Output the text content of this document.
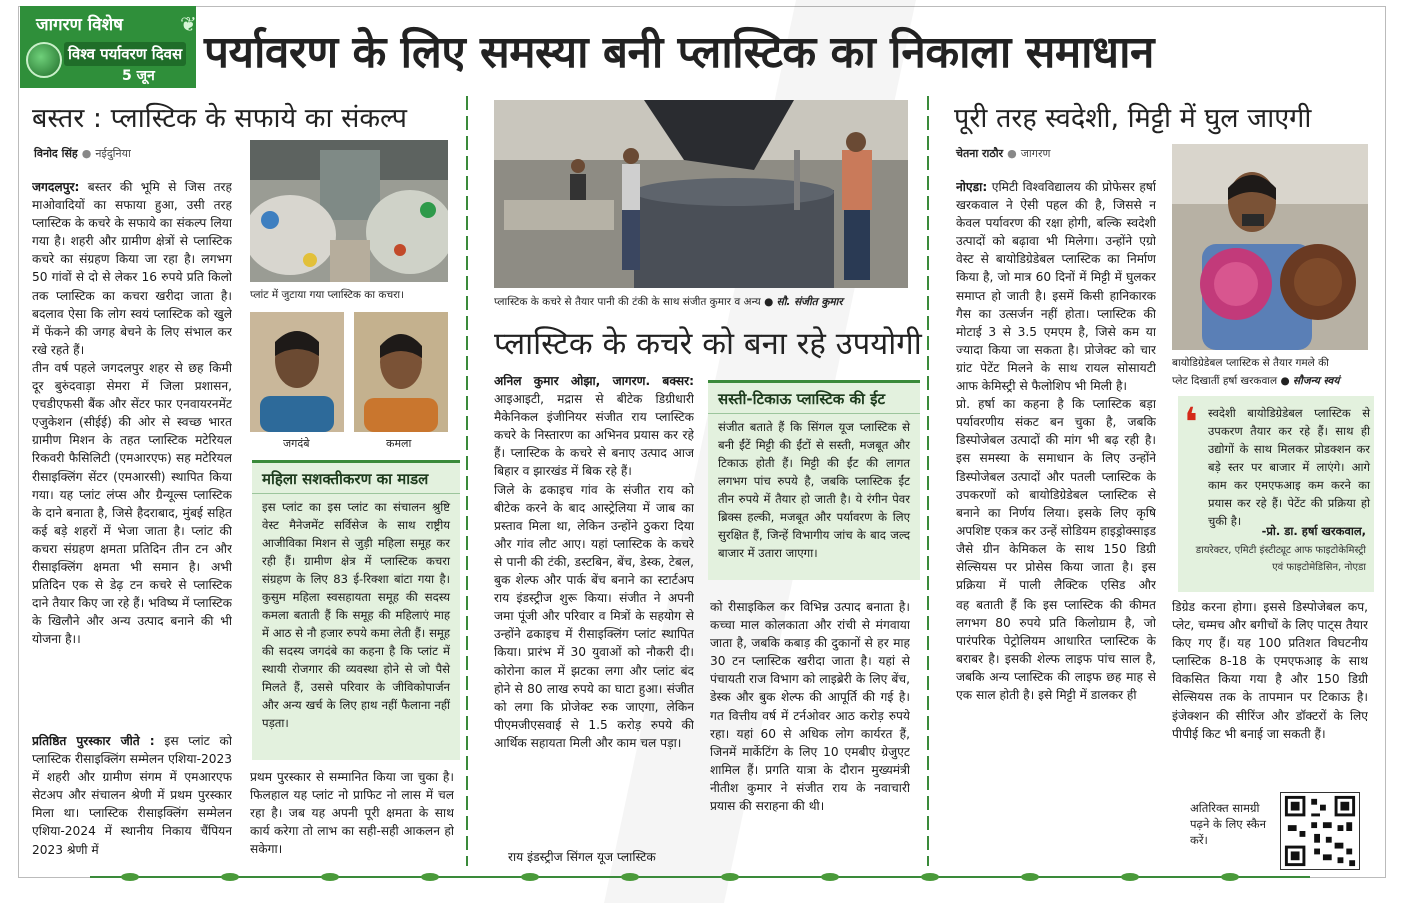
जागरण विशेष	❦
विश्व पर्यावरण दिवस
5 जून पर्यावरण के लिए समस्या बनी प्लास्टिक का निकाला समाधान
बस्तर : प्लास्टिक के सफाये का संकल्प
विनोद सिंह ● नईदुनिया

जगदलपुर: बस्तर की भूमि से जिस तरह माओवादियों का सफाया हुआ, उसी तरह प्लास्टिक के कचरे के सफाये का संकल्प लिया गया है। शहरी और ग्रामीण क्षेत्रों से प्लास्टिक कचरे का संग्रहण किया जा रहा है। लगभग 50 गांवों से दो से लेकर 16 रुपये प्रति किलो तक प्लास्टिक का कचरा खरीदा जाता है। बदलाव ऐसा कि लोग स्वयं प्लास्टिक को खुले में फेंकने की जगह बेचने के लिए संभाल कर रखे रहते हैं।

तीन वर्ष पहले जगदलपुर शहर से छह किमी दूर बुरुंदवाड़ा सेमरा में जिला प्रशासन, एचडीएफसी बैंक और सेंटर फार एनवायरनमेंट एजुकेशन (सीईई) की ओर से स्वच्छ भारत ग्रामीण मिशन के तहत प्लास्टिक मटेरियल रिकवरी फैसिलिटी (एमआरएफ) सह मटेरियल रीसाइक्लिंग सेंटर (एमआरसी) स्थापित किया गया। यह प्लांट लंप्स और ग्रैन्यूल्स प्लास्टिक के दाने बनाता है, जिसे हैदराबाद, मुंबई सहित कई बड़े शहरों में भेजा जाता है। प्लांट की कचरा संग्रहण क्षमता प्रतिदिन तीन टन और रीसाइक्लिंग क्षमता भी समान है। अभी प्रतिदिन एक से डेढ़ टन कचरे से प्लास्टिक दाने तैयार किए जा रहे हैं। भविष्य में प्लास्टिक के खिलौने और अन्य उत्पाद बनाने की भी योजना है।।

प्रतिष्ठित पुरस्कार जीते : इस प्लांट को प्लास्टिक रीसाइक्लिंग सम्मेलन एशिया-2023 में शहरी और ग्रामीण संगम में एमआरएफ सेटअप और संचालन श्रेणी में प्रथम पुरस्कार मिला था। प्लास्टिक रीसाइक्लिंग सम्मेलन एशिया-2024 में स्थानीय निकाय चैंपियन 2023 श्रेणी में

प्लांट में जुटाया गया प्लास्टिक का कचरा।
जगदंबे	कमला
महिला सशक्तीकरण का माडल
इस प्लांट का इस प्लांट का संचालन श्रुष्टि वेस्ट मैनेजमेंट सर्विसेज के साथ राष्ट्रीय आजीविका मिशन से जुड़ी महिला समूह कर रही हैं। ग्रामीण क्षेत्र में प्लास्टिक कचरा संग्रहण के लिए 83 ई-रिक्शा बांटा गया है। कुसुम महिला स्वसहायता समूह की सदस्य कमला बताती हैं कि समूह की महिलाएं माह में आठ से नौ हजार रुपये कमा लेती हैं। समूह की सदस्य जगदंबे का कहना है कि प्लांट में स्थायी रोजगार की व्यवस्था होने से जो पैसे मिलते हैं, उससे परिवार के जीविकोपार्जन और अन्य खर्च के लिए हाथ नहीं फैलाना नहीं पड़ता।

प्रथम पुरस्कार से सम्मानित किया जा चुका है। फिलहाल यह प्लांट नो प्राफिट नो लास में चल रहा है। जब यह अपनी पूरी क्षमता के साथ कार्य करेगा तो लाभ का सही-सही आकलन हो सकेगा।

प्लास्टिक के कचरे से तैयार पानी की टंकी के साथ संजीत कुमार व अन्य ● सौ. संजीत कुमार
प्लास्टिक के कचरे को बना रहे उपयोगी

अनिल कुमार ओझा, जागरण. बक्सर: आइआइटी, मद्रास से बीटेक डिग्रीधारी मैकेनिकल इंजीनियर संजीत राय प्लास्टिक कचरे के निस्तारण का अभिनव प्रयास कर रहे हैं। प्लास्टिक के कचरे से बनाए उत्पाद आज बिहार व झारखंड में बिक रहे हैं।

जिले के ढकाइच गांव के संजीत राय को बीटेक करने के बाद आस्ट्रेलिया में जाब का प्रस्ताव मिला था, लेकिन उन्होंने ठुकरा दिया और गांव लौट आए। यहां प्लास्टिक के कचरे से पानी की टंकी, डस्टबिन, बेंच, डेस्क, टेबल, बुक शेल्फ और पार्क बेंच बनाने का स्टार्टअप राय इंडस्ट्रीज शुरू किया। संजीत ने अपनी जमा पूंजी और परिवार व मित्रों के सहयोग से उन्होंने ढकाइच में रीसाइक्लिंग प्लांट स्थापित किया। प्रारंभ में 30 युवाओं को नौकरी दी। कोरोना काल में झटका लगा और प्लांट बंद होने से 80 लाख रुपये का घाटा हुआ। संजीत को लगा कि प्रोजेक्ट रुक जाएगा, लेकिन पीएमजीएसवाई से 1.5 करोड़ रुपये की आर्थिक सहायता मिली और काम चल पड़ा।

राय इंडस्ट्रीज सिंगल यूज प्लास्टिक

सस्ती-टिकाऊ प्लास्टिक की ईट
संजीत बताते हैं कि सिंगल यूज प्लास्टिक से बनी ईंटें मिट्टी की ईंटों से सस्ती, मजबूत और टिकाऊ होती हैं। मिट्टी की ईंट की लागत लगभग पांच रुपये है, जबकि प्लास्टिक ईंट तीन रुपये में तैयार हो जाती है। ये रंगीन पेवर ब्रिक्स हल्की, मजबूत और पर्यावरण के लिए सुरक्षित हैं, जिन्हें विभागीय जांच के बाद जल्द बाजार में उतारा जाएगा।

को रीसाइकिल कर विभिन्न उत्पाद बनाता है। कच्चा माल कोलकाता और रांची से मंगवाया जाता है, जबकि कबाड़ की दुकानों से हर माह 30 टन प्लास्टिक खरीदा जाता है। यहां से पंचायती राज विभाग को लाइब्रेरी के लिए बेंच, डेस्क और बुक शेल्फ की आपूर्ति की गई है। गत वित्तीय वर्ष में टर्नओवर आठ करोड़ रुपये रहा। यहां 60 से अधिक लोग कार्यरत हैं, जिनमें मार्केटिंग के लिए 10 एमबीए ग्रेजुएट शामिल हैं। प्रगति यात्रा के दौरान मुख्यमंत्री नीतीश कुमार ने संजीत राय के नवाचारी प्रयास की सराहना की थी।

पूरी तरह स्वदेशी, मिट्टी में घुल जाएगी
चेतना राठौर ● जागरण

नोएडा: एमिटी विश्वविद्यालय की प्रोफेसर हर्षा खरकवाल ने ऐसी पहल की है, जिससे न केवल पर्यावरण की रक्षा होगी, बल्कि स्वदेशी उत्पादों को बढ़ावा भी मिलेगा। उन्होंने एग्रो वेस्ट से बायोडिग्रेडेबल प्लास्टिक का निर्माण किया है, जो मात्र 60 दिनों में मिट्टी में घुलकर समाप्त हो जाती है। इसमें किसी हानिकारक गैस का उत्सर्जन नहीं होता। प्लास्टिक की मोटाई 3 से 3.5 एमएम है, जिसे कम या ज्यादा किया जा सकता है। प्रोजेक्ट को चार ग्रांट पेटेंट मिलने के साथ रायल सोसायटी आफ केमिस्ट्री से फैलोशिप भी मिली है।

प्रो. हर्षा का कहना है कि प्लास्टिक बड़ा पर्यावरणीय संकट बन चुका है, जबकि डिस्पोजेबल उत्पादों की मांग भी बढ़ रही है। इस समस्या के समाधान के लिए उन्होंने डिस्पोजेबल उत्पादों और पतली प्लास्टिक के उपकरणों को बायोडिग्रेडेबल प्लास्टिक से बनाने का निर्णय लिया। इसके लिए कृषि अपशिष्ट एकत्र कर उन्हें सोडियम हाइड्रोक्साइड जैसे ग्रीन केमिकल के साथ 150 डिग्री सेल्सियस पर प्रोसेस किया जाता है। इस प्रक्रिया में पाली लैक्टिक एसिड और

वह बताती हैं कि इस प्लास्टिक की कीमत लगभग 80 रुपये प्रति किलोग्राम है, जो पारंपरिक पेट्रोलियम आधारित प्लास्टिक के बराबर है। इसकी शेल्फ लाइफ पांच साल है, जबकि अन्य प्लास्टिक की लाइफ छह माह से एक साल होती है। इसे मिट्टी में डालकर ही

बायोडिग्रेडेबल प्लास्टिक से तैयार गमले की
प्लेट दिखातीं हर्षा खरकवाल ● सौजन्य स्वयं
❛ स्वदेशी बायोडिग्रेडेबल प्लास्टिक से उपकरण तैयार कर रहे हैं। साथ ही उद्योगों के साथ मिलकर प्रोडक्शन कर बड़े स्तर पर बाजार में लाएंगे। आगे काम कर एमएफआइ कम करने का प्रयास कर रहे हैं। पेटेंट की प्रक्रिया हो चुकी है।
-प्रो. डा. हर्षा खरकवाल,
डायरेक्टर, एमिटी इंस्टीट्यूट आफ फाइटोकेमिस्ट्री एवं फाइटोमेडिसिन, नोएडा

डिग्रेड करना होगा। इससे डिस्पोजेबल कप, प्लेट, चम्मच और बगीचों के लिए पाट्स तैयार किए गए हैं। यह 100 प्रतिशत विघटनीय प्लास्टिक 8-18 के एमएफआइ के साथ विकसित किया गया है और 150 डिग्री सेल्सियस तक के तापमान पर टिकाऊ है। इंजेक्शन की सीरिंज और डॉक्टरों के लिए पीपीई किट भी बनाई जा सकती हैं।

अतिरिक्त सामग्री पढ़ने के लिए स्कैन करें।
